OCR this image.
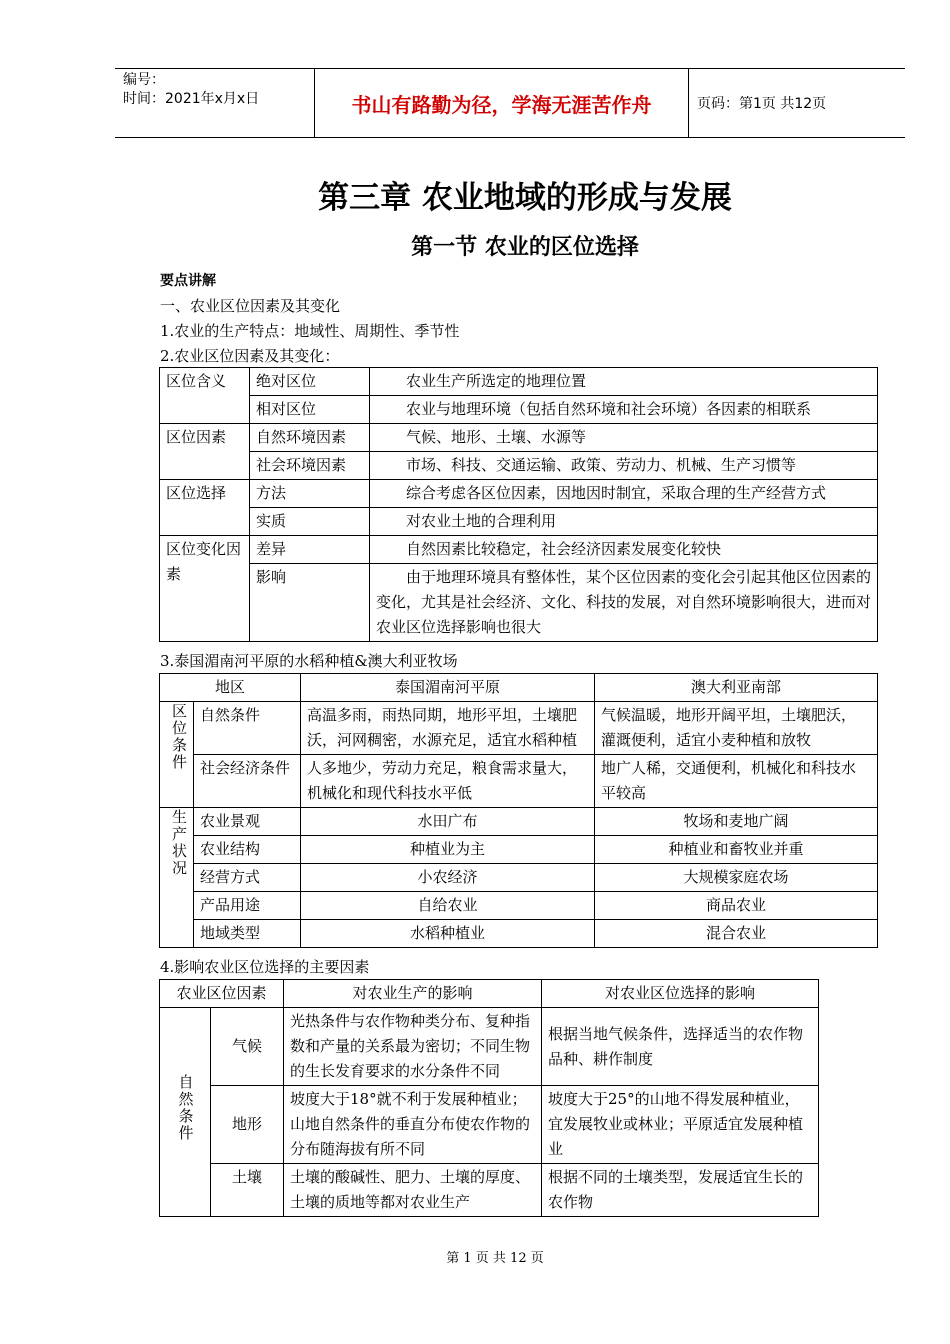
编号：
时间：2021年x月x日	书山有路勤为径，学海无涯苦作舟	页码：第1页 共12页
第三章 农业地域的形成与发展
第一节 农业的区位选择
要点讲解
一、农业区位因素及其变化
1.农业的生产特点：地域性、周期性、季节性
2.农业区位因素及其变化：
区位含义	绝对区位	农业生产所选定的地理位置
	相对区位	农业与地理环境（包括自然环境和社会环境）各因素的相联系
区位因素	自然环境因素	气候、地形、土壤、水源等
	社会环境因素	市场、科技、交通运输、政策、劳动力、机械、生产习惯等
区位选择	方法	综合考虑各区位因素，因地因时制宜，采取合理的生产经营方式
	实质	对农业土地的合理利用
区位变化因素	差异	自然因素比较稳定，社会经济因素发展变化较快
	影响	由于地理环境具有整体性，某个区位因素的变化会引起其他区位因素的变化，尤其是社会经济、文化、科技的发展，对自然环境影响很大，进而对农业区位选择影响也很大
3.泰国湄南河平原的水稻种植&澳大利亚牧场
地区		泰国湄南河平原	澳大利亚南部
区位条件	自然条件	高温多雨，雨热同期，地形平坦，土壤肥沃，河网稠密，水源充足，适宜水稻种植	气候温暖，地形开阔平坦，土壤肥沃，灌溉便利，适宜小麦种植和放牧
	社会经济条件	人多地少，劳动力充足，粮食需求量大，机械化和现代科技水平低	地广人稀，交通便利，机械化和科技水平较高
生产状况	农业景观	水田广布	牧场和麦地广阔
	农业结构	种植业为主	种植业和畜牧业并重
	经营方式	小农经济	大规模家庭农场
	产品用途	自给农业	商品农业
	地域类型	水稻种植业	混合农业
4.影响农业区位选择的主要因素
农业区位因素		对农业生产的影响	对农业区位选择的影响
自然条件	气候	光热条件与农作物种类分布、复种指数和产量的关系最为密切；不同生物的生长发育要求的水分条件不同	根据当地气候条件，选择适当的农作物品种、耕作制度
	地形	坡度大于18°就不利于发展种植业；山地自然条件的垂直分布使农作物的分布随海拔有所不同	坡度大于25°的山地不得发展种植业，宜发展牧业或林业；平原适宜发展种植业
	土壤	土壤的酸碱性、肥力、土壤的厚度、土壤的质地等都对农业生产	根据不同的土壤类型，发展适宜生长的农作物
第 1 页 共 12 页
